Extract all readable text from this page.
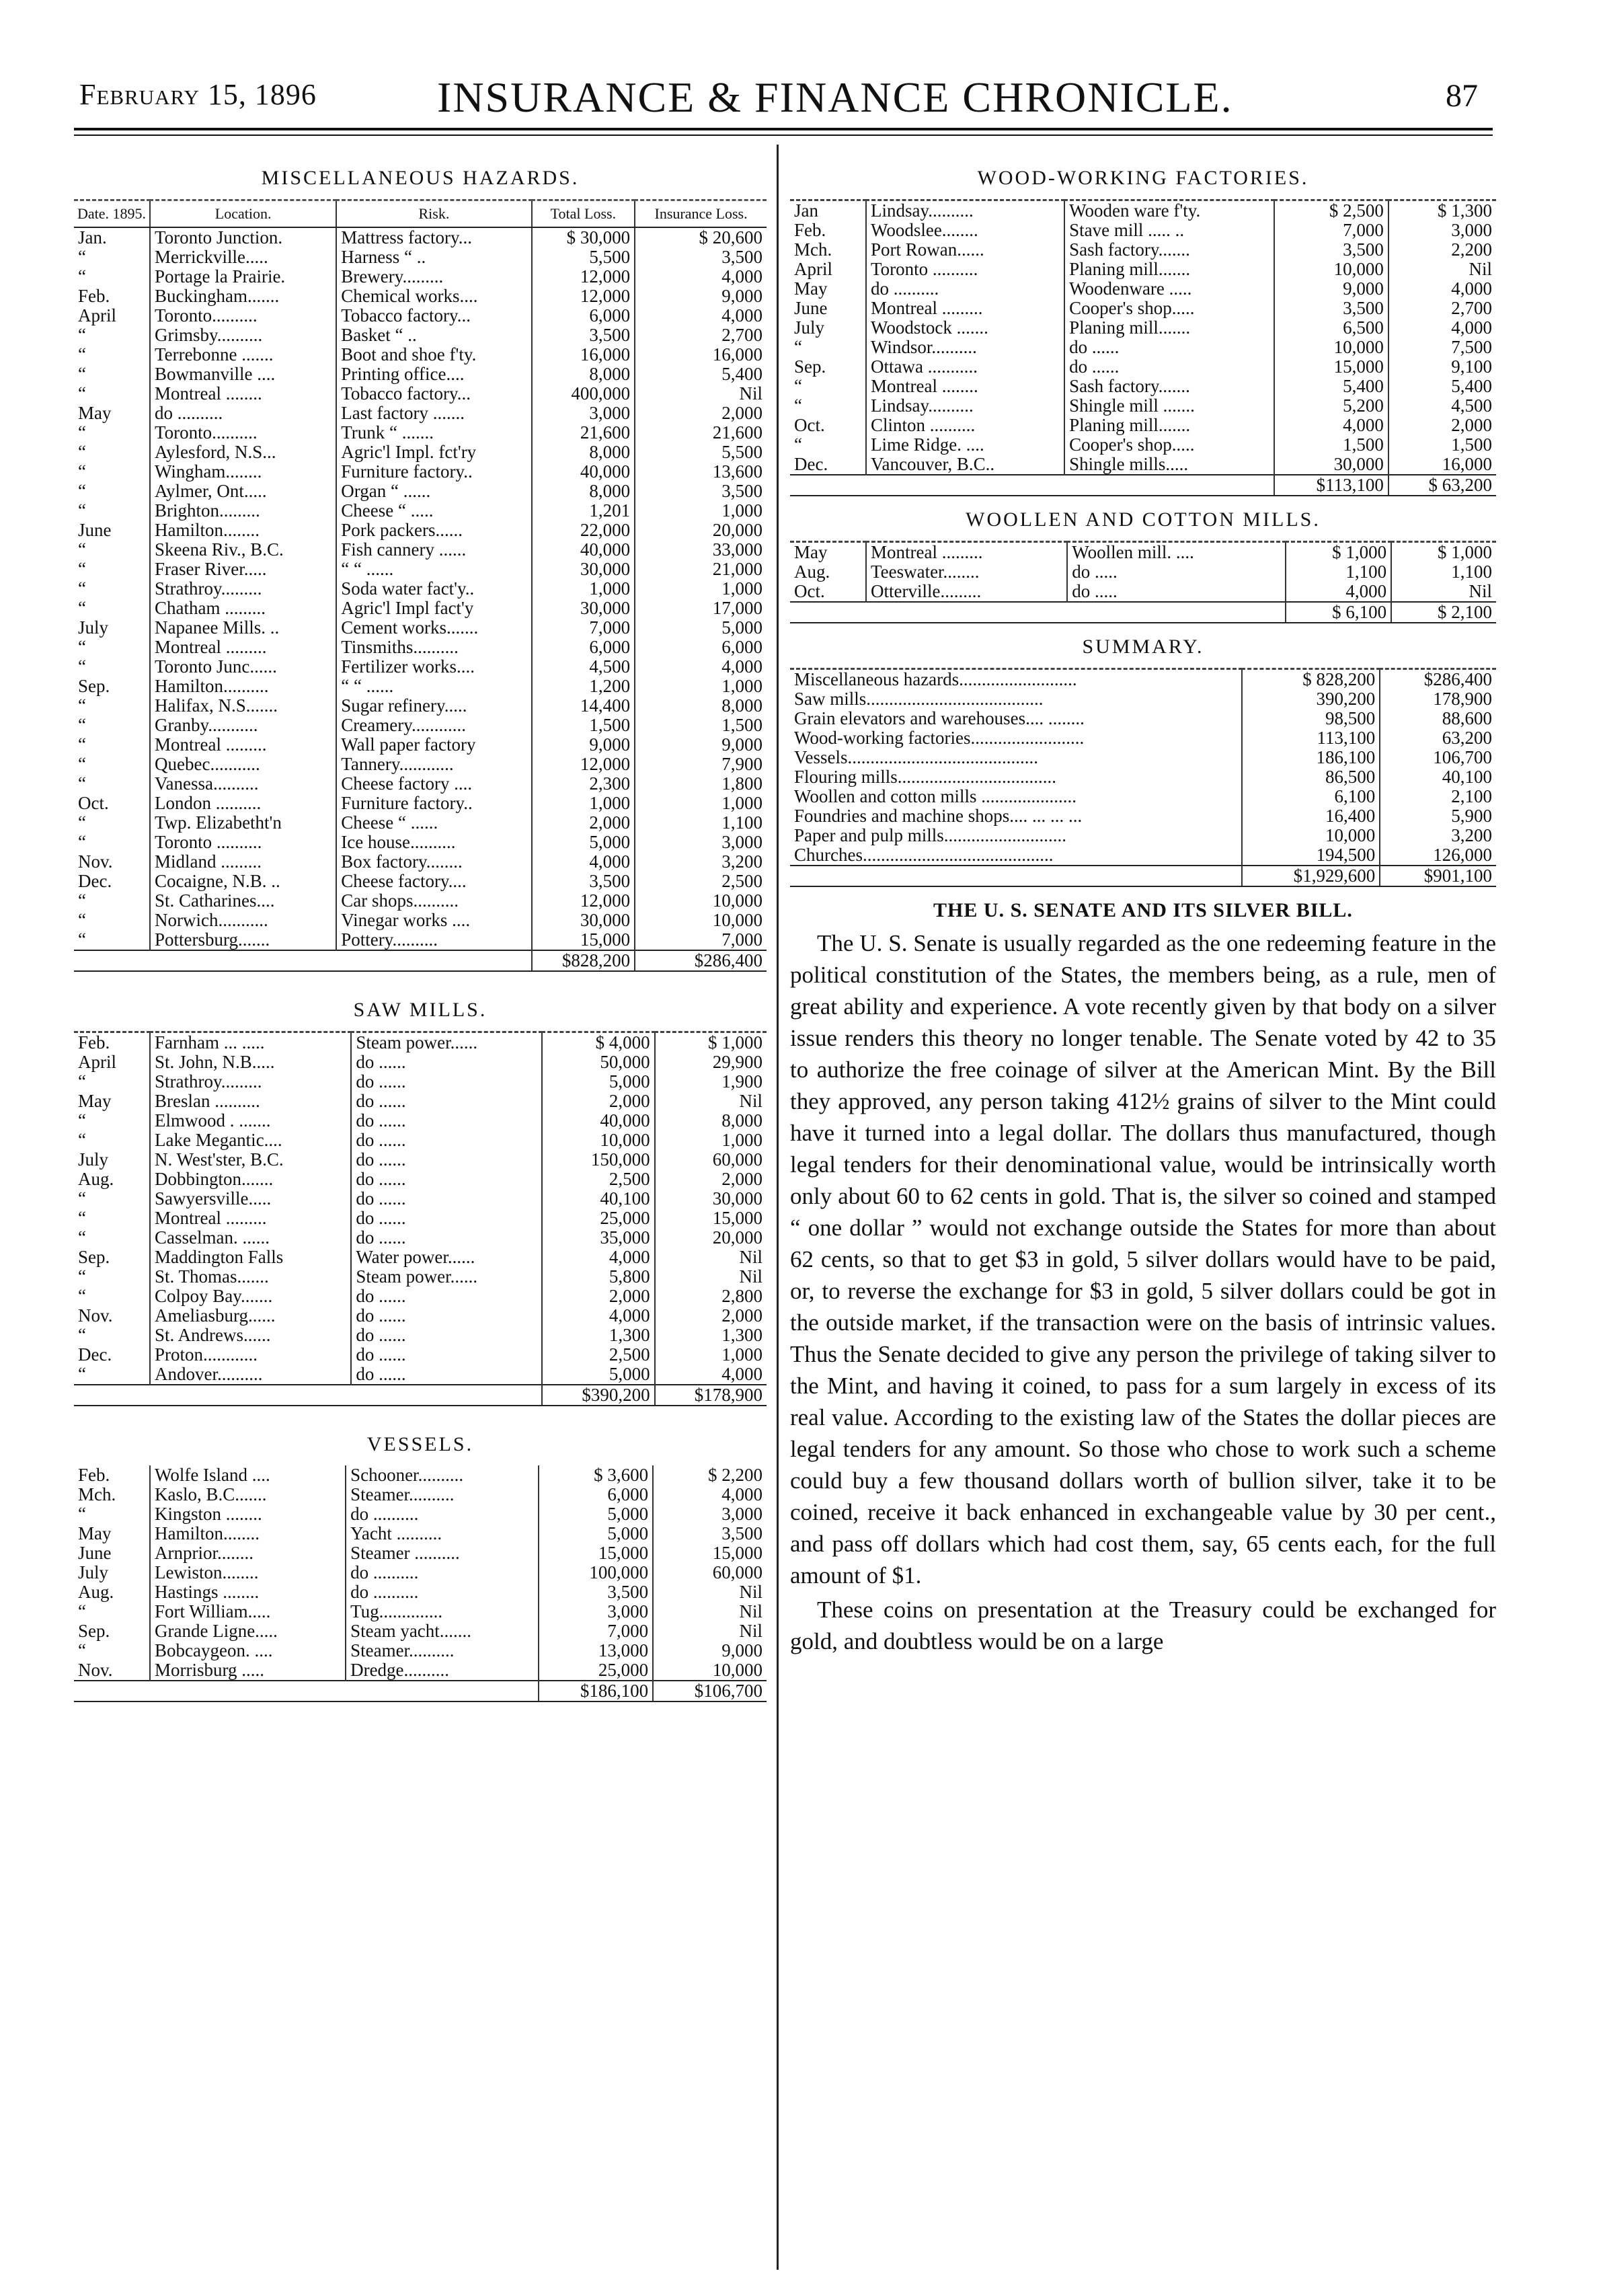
February 15, 1896	INSURANCE & FINANCE CHRONICLE.	87
MISCELLANEOUS HAZARDS.
Date. 1895.	Location.	Risk.	Total Loss.	Insurance Loss.
Jan.	Toronto Junction.	Mattress factory...	$ 30,000	$ 20,600
“	Merrickville.....	Harness “ ..	5,500	3,500
“	Portage la Prairie.	Brewery.........	12,000	4,000
Feb.	Buckingham.......	Chemical works....	12,000	9,000
April	Toronto..........	Tobacco factory...	6,000	4,000
“	Grimsby..........	Basket “ ..	3,500	2,700
“	Terrebonne .......	Boot and shoe f'ty.	16,000	16,000
“	Bowmanville ....	Printing office....	8,000	5,400
“	Montreal ........	Tobacco factory...	400,000	Nil
May	do ..........	Last factory .......	3,000	2,000
“	Toronto..........	Trunk “ .......	21,600	21,600
“	Aylesford, N.S...	Agric'l Impl. fct'ry	8,000	5,500
“	Wingham........	Furniture factory..	40,000	13,600
“	Aylmer, Ont.....	Organ “ ......	8,000	3,500
“	Brighton.........	Cheese “ .....	1,201	1,000
June	Hamilton........	Pork packers......	22,000	20,000
“	Skeena Riv., B.C.	Fish cannery ......	40,000	33,000
“	Fraser River.....	“ “ ......	30,000	21,000
“	Strathroy.........	Soda water fact'y..	1,000	1,000
“	Chatham .........	Agric'l Impl fact'y	30,000	17,000
July	Napanee Mills. ..	Cement works.......	7,000	5,000
“	Montreal .........	Tinsmiths..........	6,000	6,000
“	Toronto Junc......	Fertilizer works....	4,500	4,000
Sep.	Hamilton..........	“ “ ......	1,200	1,000
“	Halifax, N.S.......	Sugar refinery.....	14,400	8,000
“	Granby...........	Creamery............	1,500	1,500
“	Montreal .........	Wall paper factory	9,000	9,000
“	Quebec...........	Tannery............	12,000	7,900
“	Vanessa..........	Cheese factory ....	2,300	1,800
Oct.	London ..........	Furniture factory..	1,000	1,000
“	Twp. Elizabetht'n	Cheese “ ......	2,000	1,100
“	Toronto ..........	Ice house..........	5,000	3,000
Nov.	Midland .........	Box factory........	4,000	3,200
Dec.	Cocaigne, N.B. ..	Cheese factory....	3,500	2,500
“	St. Catharines....	Car shops..........	12,000	10,000
“	Norwich...........	Vinegar works ....	30,000	10,000
“	Pottersburg.......	Pottery..........	15,000	7,000
			$828,200	$286,400
SAW MILLS.
Feb.	Farnham ... .....	Steam power......	$ 4,000	$ 1,000
April	St. John, N.B.....	do ......	50,000	29,900
“	Strathroy.........	do ......	5,000	1,900
May	Breslan ..........	do ......	2,000	Nil
“	Elmwood . .......	do ......	40,000	8,000
“	Lake Megantic....	do ......	10,000	1,000
July	N. West'ster, B.C.	do ......	150,000	60,000
Aug.	Dobbington.......	do ......	2,500	2,000
“	Sawyersville.....	do ......	40,100	30,000
“	Montreal .........	do ......	25,000	15,000
“	Casselman. ......	do ......	35,000	20,000
Sep.	Maddington Falls	Water power......	4,000	Nil
“	St. Thomas.......	Steam power......	5,800	Nil
“	Colpoy Bay.......	do ......	2,000	2,800
Nov.	Ameliasburg......	do ......	4,000	2,000
“	St. Andrews......	do ......	1,300	1,300
Dec.	Proton............	do ......	2,500	1,000
“	Andover..........	do ......	5,000	4,000
			$390,200	$178,900
VESSELS.
Feb.	Wolfe Island ....	Schooner..........	$ 3,600	$ 2,200
Mch.	Kaslo, B.C.......	Steamer..........	6,000	4,000
“	Kingston ........	do ..........	5,000	3,000
May	Hamilton........	Yacht ..........	5,000	3,500
June	Arnprior........	Steamer ..........	15,000	15,000
July	Lewiston........	do ..........	100,000	60,000
Aug.	Hastings ........	do ..........	3,500	Nil
“	Fort William.....	Tug..............	3,000	Nil
Sep.	Grande Ligne.....	Steam yacht.......	7,000	Nil
“	Bobcaygeon. ....	Steamer..........	13,000	9,000
Nov.	Morrisburg .....	Dredge..........	25,000	10,000
			$186,100	$106,700
WOOD-WORKING FACTORIES.
Jan	Lindsay..........	Wooden ware f'ty.	$ 2,500	$ 1,300
Feb.	Woodslee........	Stave mill ..... ..	7,000	3,000
Mch.	Port Rowan......	Sash factory.......	3,500	2,200
April	Toronto ..........	Planing mill.......	10,000	Nil
May	do ..........	Woodenware .....	9,000	4,000
June	Montreal .........	Cooper's shop.....	3,500	2,700
July	Woodstock .......	Planing mill.......	6,500	4,000
“	Windsor..........	do ......	10,000	7,500
Sep.	Ottawa ...........	do ......	15,000	9,100
“	Montreal ........	Sash factory.......	5,400	5,400
“	Lindsay..........	Shingle mill .......	5,200	4,500
Oct.	Clinton ..........	Planing mill.......	4,000	2,000
“	Lime Ridge. ....	Cooper's shop.....	1,500	1,500
Dec.	Vancouver, B.C..	Shingle mills.....	30,000	16,000
			$113,100	$ 63,200
WOOLLEN AND COTTON MILLS.
May	Montreal .........	Woollen mill. ....	$ 1,000	$ 1,000
Aug.	Teeswater........	do .....	1,100	1,100
Oct.	Otterville.........	do .....	4,000	Nil
			$ 6,100	$ 2,100
SUMMARY.
Miscellaneous hazards..........................	$ 828,200	$286,400
Saw mills.......................................	390,200	178,900
Grain elevators and warehouses.... ........	98,500	88,600
Wood-working factories.........................	113,100	63,200
Vessels..........................................	186,100	106,700
Flouring mills...................................	86,500	40,100
Woollen and cotton mills .....................	6,100	2,100
Foundries and machine shops.... ... ... ...	16,400	5,900
Paper and pulp mills...........................	10,000	3,200
Churches..........................................	194,500	126,000
	$1,929,600	$901,100
THE U. S. SENATE AND ITS SILVER BILL.

The U. S. Senate is usually regarded as the one redeeming feature in the political constitution of the States, the members being, as a rule, men of great ability and experience. A vote recently given by that body on a silver issue renders this theory no longer tenable. The Senate voted by 42 to 35 to authorize the free coinage of silver at the American Mint. By the Bill they approved, any person taking 412½ grains of silver to the Mint could have it turned into a legal dollar. The dollars thus manufactured, though legal tenders for their denominational value, would be intrinsically worth only about 60 to 62 cents in gold. That is, the silver so coined and stamped “ one dollar ” would not exchange outside the States for more than about 62 cents, so that to get $3 in gold, 5 silver dollars would have to be paid, or, to reverse the exchange for $3 in gold, 5 silver dollars could be got in the outside market, if the transaction were on the basis of intrinsic values. Thus the Senate decided to give any person the privilege of taking silver to the Mint, and having it coined, to pass for a sum largely in excess of its real value. According to the existing law of the States the dollar pieces are legal tenders for any amount. So those who chose to work such a scheme could buy a few thousand dollars worth of bullion silver, take it to be coined, receive it back enhanced in exchangeable value by 30 per cent., and pass off dollars which had cost them, say, 65 cents each, for the full amount of $1.

These coins on presentation at the Treasury could be exchanged for gold, and doubtless would be on a large
